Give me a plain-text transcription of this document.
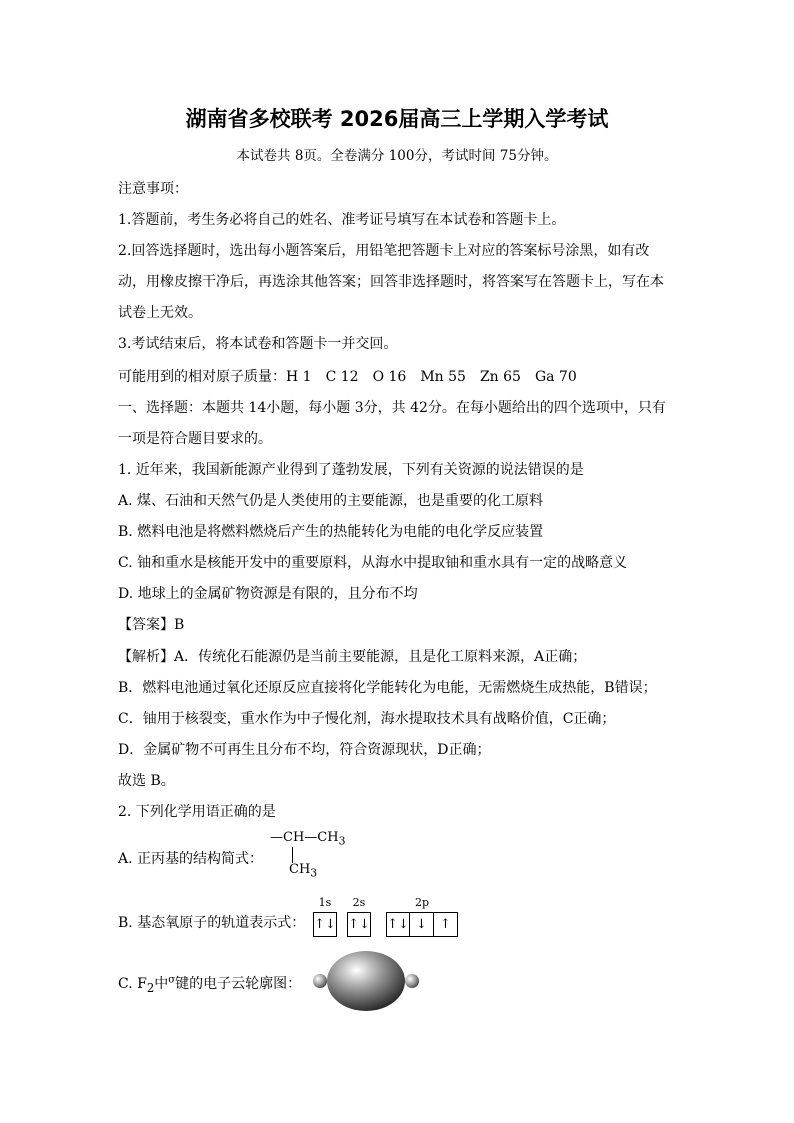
湖南省多校联考 2026届高三上学期入学考试
本试卷共 8页。全卷满分 100分，考试时间 75分钟。
注意事项：
1.答题前，考生务必将自己的姓名、准考证号填写在本试卷和答题卡上。
2.回答选择题时，选出每小题答案后，用铅笔把答题卡上对应的答案标号涂黑，如有改
动，用橡皮擦干净后，再选涂其他答案；回答非选择题时，将答案写在答题卡上，写在本
试卷上无效。
3.考试结束后，将本试卷和答题卡一并交回。
可能用到的相对原子质量：H 1 C 12 O 16 Mn 55 Zn 65 Ga 70
一、选择题：本题共 14小题，每小题 3分，共 42分。在每小题给出的四个选项中，只有
一项是符合题目要求的。
1. 近年来，我国新能源产业得到了蓬勃发展，下列有关资源的说法错误的是
A. 煤、石油和天然气仍是人类使用的主要能源，也是重要的化工原料
B. 燃料电池是将燃料燃烧后产生的热能转化为电能的电化学反应装置
C. 铀和重水是核能开发中的重要原料，从海水中提取铀和重水具有一定的战略意义
D. 地球上的金属矿物资源是有限的，且分布不均
【答案】B
【解析】A．传统化石能源仍是当前主要能源，且是化工原料来源，A正确；
B．燃料电池通过氧化还原反应直接将化学能转化为电能，无需燃烧生成热能，B错误；
C．铀用于核裂变，重水作为中子慢化剂，海水提取技术具有战略价值，C正确；
D．金属矿物不可再生且分布不均，符合资源现状，D正确；
故选 B。
2. 下列化学用语正确的是
A. 正丙基的结构简式：
$—CH—CH_3$
$CH_3$
B. 基态氧原子的轨道表示式：
1s
↑↓
2s
↑↓
2p
↑↓ ↓	↑
C. $F_2$中$^\sigma$键的电子云轮廓图：
